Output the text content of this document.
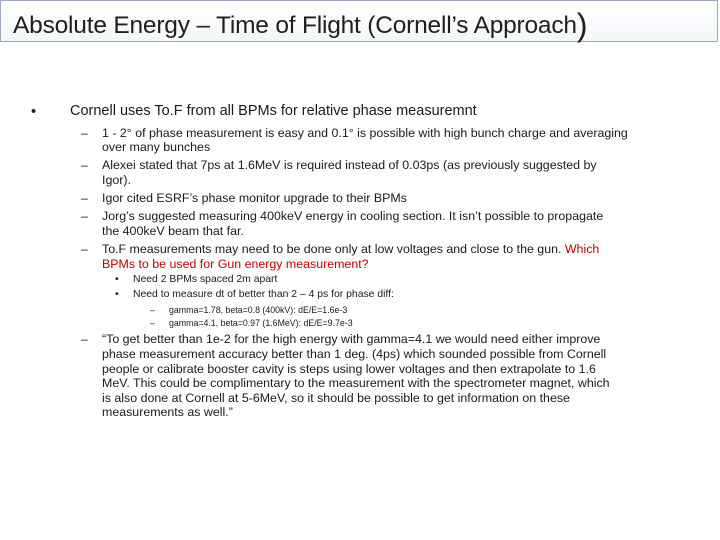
Absolute Energy – Time of Flight (Cornell’s Approach)
• Cornell uses To.F from all BPMs for relative phase measuremnt
– 1 - 2° of phase measurement is easy and 0.1° is possible with high bunch charge and averaging
over many bunches
– Alexei stated that 7ps at 1.6MeV is required instead of 0.03ps (as previously suggested by
Igor).
– Igor cited ESRF’s phase monitor upgrade to their BPMs
– Jorg’s suggested measuring 400keV energy in cooling section. It isn’t possible to propagate
the 400keV beam that far.
– To.F measurements may need to be done only at low voltages and close to the gun. Which
BPMs to be used for Gun energy measurement?
• Need 2 BPMs spaced 2m apart
• Need to measure dt of better than 2 – 4 ps for phase diff:
– gamma=1.78, beta=0.8 (400kV): dE/E=1.6e-3
– gamma=4.1, beta=0.97 (1.6MeV): dE/E=9.7e-3
– “To get better than 1e-2 for the high energy with gamma=4.1 we would need either improve
phase measurement accuracy better than 1 deg. (4ps) which sounded possible from Cornell
people or calibrate booster cavity is steps using lower voltages and then extrapolate to 1.6
MeV. This could be complimentary to the measurement with the spectrometer magnet, which
is also done at Cornell at 5-6MeV, so it should be possible to get information on these
measurements as well.”
